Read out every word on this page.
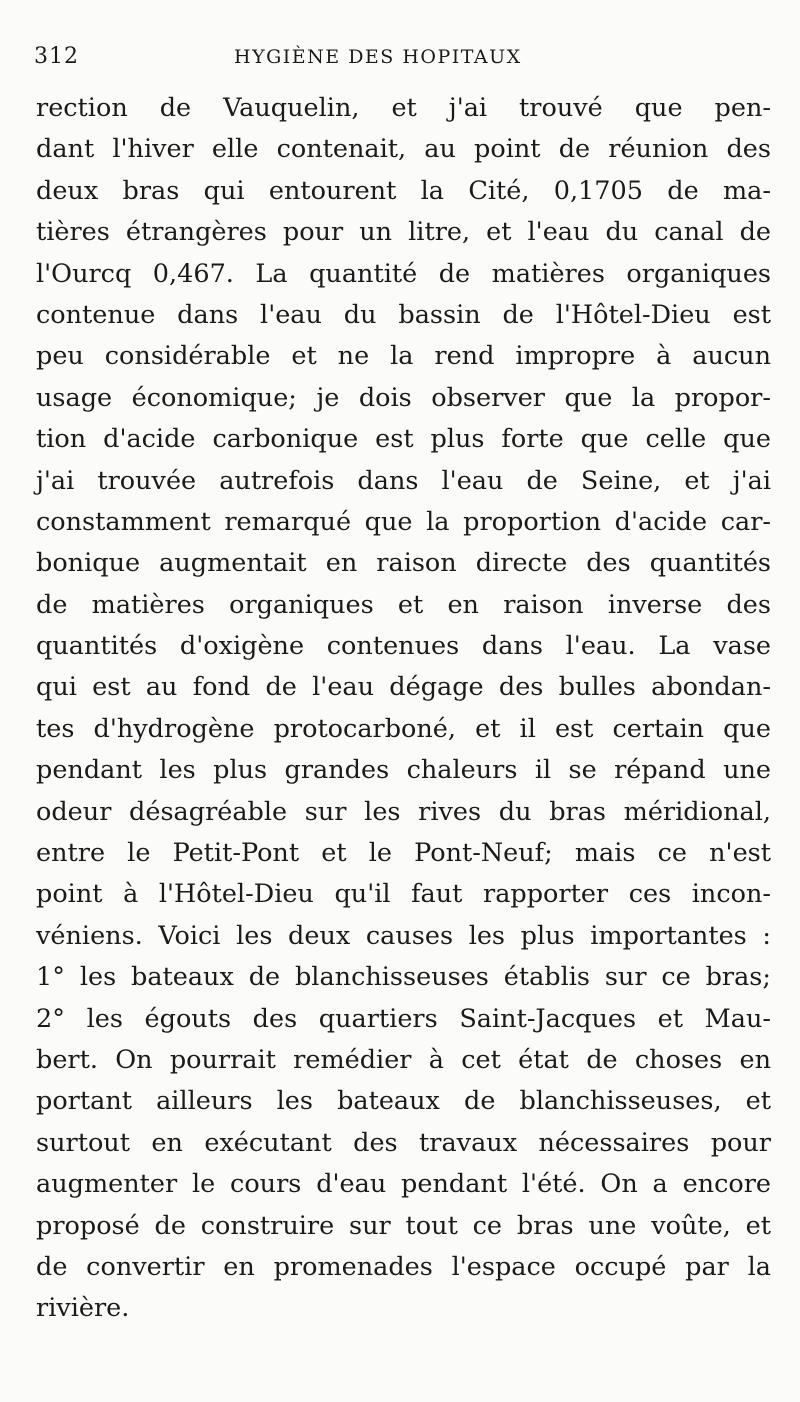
312	HYGIÈNE DES HOPITAUX
rection de Vauquelin, et j'ai trouvé que pen-
dant l'hiver elle contenait, au point de réunion des
deux bras qui entourent la Cité, 0,1705 de ma-
tières étrangères pour un litre, et l'eau du canal de
l'Ourcq 0,467. La quantité de matières organiques
contenue dans l'eau du bassin de l'Hôtel-Dieu est
peu considérable et ne la rend impropre à aucun
usage économique; je dois observer que la propor-
tion d'acide carbonique est plus forte que celle que
j'ai trouvée autrefois dans l'eau de Seine, et j'ai
constamment remarqué que la proportion d'acide car-
bonique augmentait en raison directe des quantités
de matières organiques et en raison inverse des
quantités d'oxigène contenues dans l'eau. La vase
qui est au fond de l'eau dégage des bulles abondan-
tes d'hydrogène protocarboné, et il est certain que
pendant les plus grandes chaleurs il se répand une
odeur désagréable sur les rives du bras méridional,
entre le Petit-Pont et le Pont-Neuf; mais ce n'est
point à l'Hôtel-Dieu qu'il faut rapporter ces incon-
véniens. Voici les deux causes les plus importantes :
1° les bateaux de blanchisseuses établis sur ce bras;
2° les égouts des quartiers Saint-Jacques et Mau-
bert. On pourrait remédier à cet état de choses en
portant ailleurs les bateaux de blanchisseuses, et
surtout en exécutant des travaux nécessaires pour
augmenter le cours d'eau pendant l'été. On a encore
proposé de construire sur tout ce bras une voûte, et
de convertir en promenades l'espace occupé par la
rivière.
